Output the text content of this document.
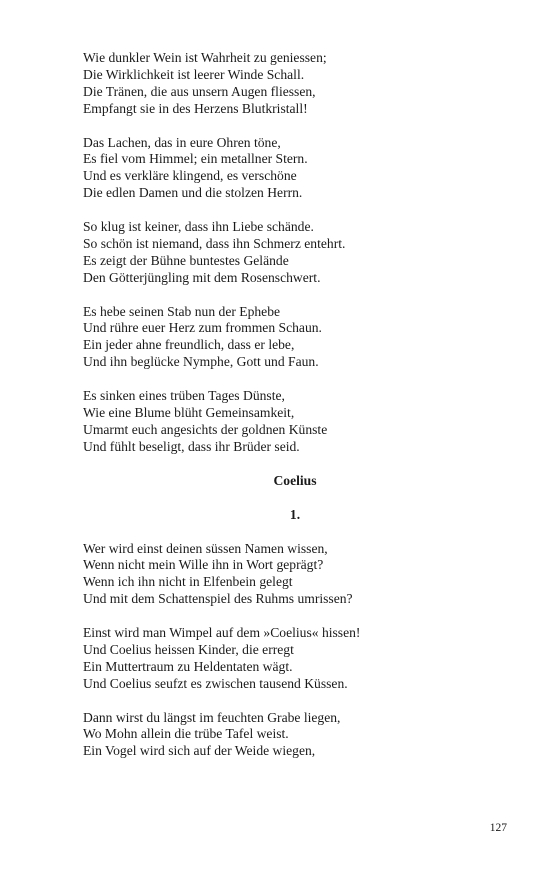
Wie dunkler Wein ist Wahrheit zu geniessen;
Die Wirklichkeit ist leerer Winde Schall.
Die Tränen, die aus unsern Augen fliessen,
Empfangt sie in des Herzens Blutkristall!
Das Lachen, das in eure Ohren töne,
Es fiel vom Himmel; ein metallner Stern.
Und es verkläre klingend, es verschöne
Die edlen Damen und die stolzen Herrn.
So klug ist keiner, dass ihn Liebe schände.
So schön ist niemand, dass ihn Schmerz entehrt.
Es zeigt der Bühne buntestes Gelände
Den Götterjüngling mit dem Rosenschwert.
Es hebe seinen Stab nun der Ephebe
Und rühre euer Herz zum frommen Schaun.
Ein jeder ahne freundlich, dass er lebe,
Und ihn beglücke Nymphe, Gott und Faun.
Es sinken eines trüben Tages Dünste,
Wie eine Blume blüht Gemeinsamkeit,
Umarmt euch angesichts der goldnen Künste
Und fühlt beseligt, dass ihr Brüder seid.
Coelius
1.
Wer wird einst deinen süssen Namen wissen,
Wenn nicht mein Wille ihn in Wort geprägt?
Wenn ich ihn nicht in Elfenbein gelegt
Und mit dem Schattenspiel des Ruhms umrissen?
Einst wird man Wimpel auf dem »Coelius« hissen!
Und Coelius heissen Kinder, die erregt
Ein Muttertraum zu Heldentaten wägt.
Und Coelius seufzt es zwischen tausend Küssen.
Dann wirst du längst im feuchten Grabe liegen,
Wo Mohn allein die trübe Tafel weist.
Ein Vogel wird sich auf der Weide wiegen,
127
